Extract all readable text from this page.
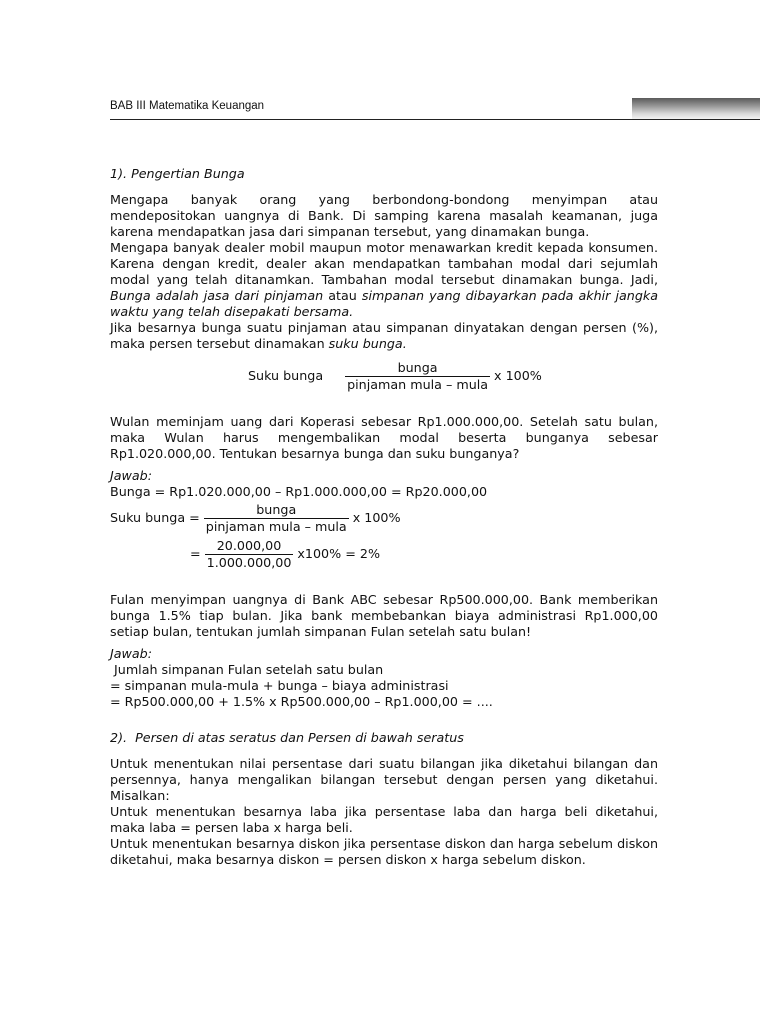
BAB III Matematika Keuangan
1). Pengertian Bunga

Mengapa banyak orang yang berbondong-bondong menyimpan atau mendepositokan uangnya di Bank. Di samping karena masalah keamanan, juga karena mendapatkan jasa dari simpanan tersebut, yang dinamakan bunga.

Mengapa banyak dealer mobil maupun motor menawarkan kredit kepada konsumen. Karena dengan kredit, dealer akan mendapatkan tambahan modal dari sejumlah modal yang telah ditanamkan. Tambahan modal tersebut dinamakan bunga. Jadi, Bunga adalah jasa dari pinjaman atau simpanan yang dibayarkan pada akhir jangka waktu yang telah disepakati bersama.

Jika besarnya bunga suatu pinjaman atau simpanan dinyatakan dengan persen (%), maka persen tersebut dinamakan suku bunga.

Suku bunga $\frac{\text{bunga}}{\text{pinjaman mula – mula}}$ x 100%

Wulan meminjam uang dari Koperasi sebesar Rp1.000.000,00. Setelah satu bulan, maka Wulan harus mengembalikan modal beserta bunganya sebesar Rp1.020.000,00. Tentukan besarnya bunga dan suku bunganya?

Jawab:
Bunga = Rp1.020.000,00 – Rp1.000.000,00 = Rp20.000,00
Suku bunga = $\frac{\text{bunga}}{\text{pinjaman mula – mula}}$ x 100%
= $\frac{20.000,00}{1.000.000,00} x100\% = 2\%$

Fulan menyimpan uangnya di Bank ABC sebesar Rp500.000,00. Bank memberikan bunga 1.5% tiap bulan. Jika bank membebankan biaya administrasi Rp1.000,00 setiap bulan, tentukan jumlah simpanan Fulan setelah satu bulan!

Jawab:
Jumlah simpanan Fulan setelah satu bulan
= simpanan mula-mula + bunga – biaya administrasi
= Rp500.000,00 + 1.5% x Rp500.000,00 – Rp1.000,00 = ....
2).  Persen di atas seratus dan Persen di bawah seratus

Untuk menentukan nilai persentase dari suatu bilangan jika diketahui bilangan dan persennya, hanya mengalikan bilangan tersebut dengan persen yang diketahui. Misalkan:

Untuk menentukan besarnya laba jika persentase laba dan harga beli diketahui, maka laba = persen laba x harga beli.

Untuk menentukan besarnya diskon jika persentase diskon dan harga sebelum diskon diketahui, maka besarnya diskon = persen diskon x harga sebelum diskon.
